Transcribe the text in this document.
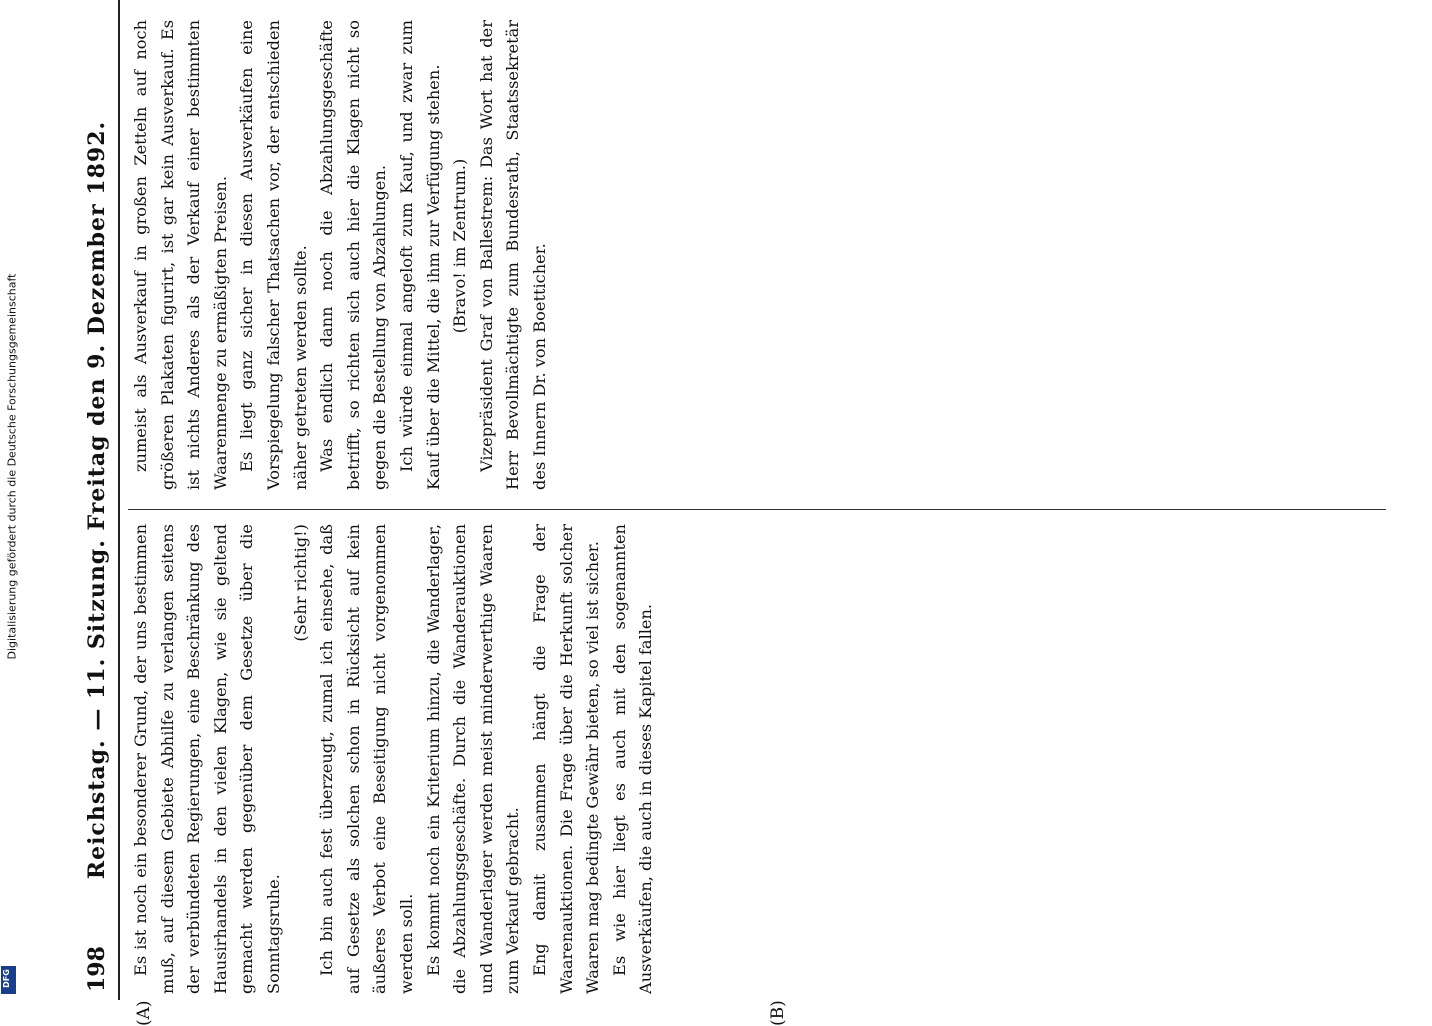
198
Reichstag. — 11. Sitzung. Freitag den 9. Dezember 1892.
(A)	(B)

Es ist noch ein besonderer Grund, der uns bestimmen muß, auf diesem Gebiete Abhilfe zu verlangen seitens der verbündeten Regierungen, eine Beschränkung des Hausirhandels in den vielen Klagen, wie sie geltend gemacht werden gegenüber dem Gesetze über die Sonntagsruhe.

(Sehr richtig!) Ich bin auch fest überzeugt, zumal ich einsehe, daß auf Gesetze als solchen schon in Rücksicht auf kein äußeres Verbot eine Beseitigung nicht vorgenommen werden soll. Es kommt noch ein Kriterium hinzu, die Wanderlager, die Abzahlungsgeschäfte. Durch die Wanderauktionen und Wanderlager werden meist minderwerthige Waaren zum Verkauf gebracht. Eng damit zusammen hängt die Frage der Waarenauktionen. Die Frage über die Herkunft solcher Waaren mag bedingte Gewähr bieten, so viel ist sicher. Es wie hier liegt es auch mit den sogenannten Ausverkäufen, die auch in dieses Kapitel fallen.

zumeist als Ausverkauf in großen Zetteln auf noch größeren Plakaten figurirt, ist gar kein Ausverkauf. Es ist nichts Anderes als der Verkauf einer bestimmten Waarenmenge zu ermäßigten Preisen. Es liegt ganz sicher in diesen Ausverkäufen eine Vorspiegelung falscher Thatsachen vor, der entschieden näher getreten werden sollte. Was endlich dann noch die Abzahlungsgeschäfte betrifft, so richten sich auch hier die Klagen nicht so gegen die Bestellung von Abzahlungen. Ich würde einmal angeloft zum Kauf, und zwar zum Kauf über die Mittel, die ihm zur Verfügung stehen. (Bravo! im Zentrum.) Vizepräsident Graf von Ballestrem: Das Wort hat der Herr Bevollmächtigte zum Bundesrath, Staatssekretär des Innern Dr. von Boetticher.

Digitalisierung gefördert durch die Deutsche Forschungsgemeinschaft
DFG
